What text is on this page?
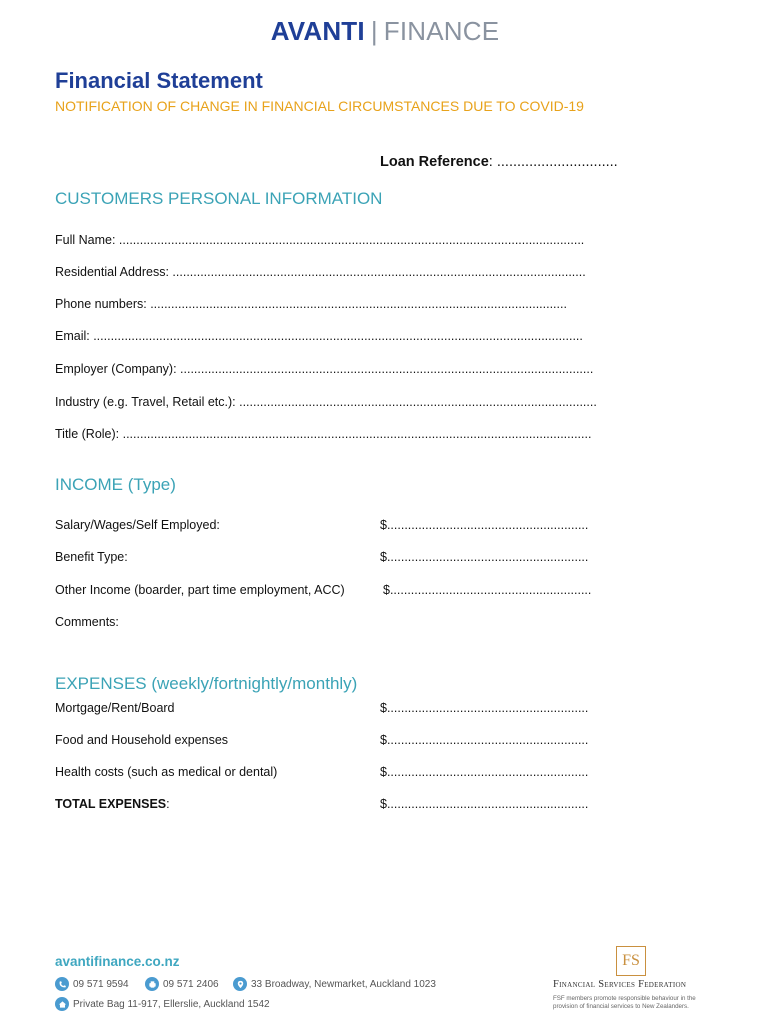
AVANTI | FINANCE
Financial Statement
NOTIFICATION OF CHANGE IN FINANCIAL CIRCUMSTANCES DUE TO COVID-19
Loan Reference: ..............................
CUSTOMERS PERSONAL INFORMATION
Full Name: ......................................................................................................................................
Residential Address: .......................................................................................................................
Phone numbers: ........................................................................................................................
Email: .............................................................................................................................................
Employer (Company): .......................................................................................................................
Industry (e.g. Travel, Retail etc.): .......................................................................................................
Title (Role): .......................................................................................................................................
INCOME (Type)
Salary/Wages/Self Employed:	$..........................................................
Benefit Type:	$..........................................................
Other Income (boarder, part time employment, ACC)	$..........................................................
Comments:
EXPENSES (weekly/fortnightly/monthly)
Mortgage/Rent/Board	$..........................................................
Food and Household expenses	$..........................................................
Health costs (such as medical or dental)	$..........................................................
TOTAL EXPENSES:	$..........................................................
avantifinance.co.nz
09 571 9594	09 571 2406	33 Broadway, Newmarket, Auckland 1023
Private Bag 11-917, Ellerslie, Auckland 1542
FS
Financial Services Federation
FSF members promote responsible behaviour in the provision of financial services to New Zealanders.
